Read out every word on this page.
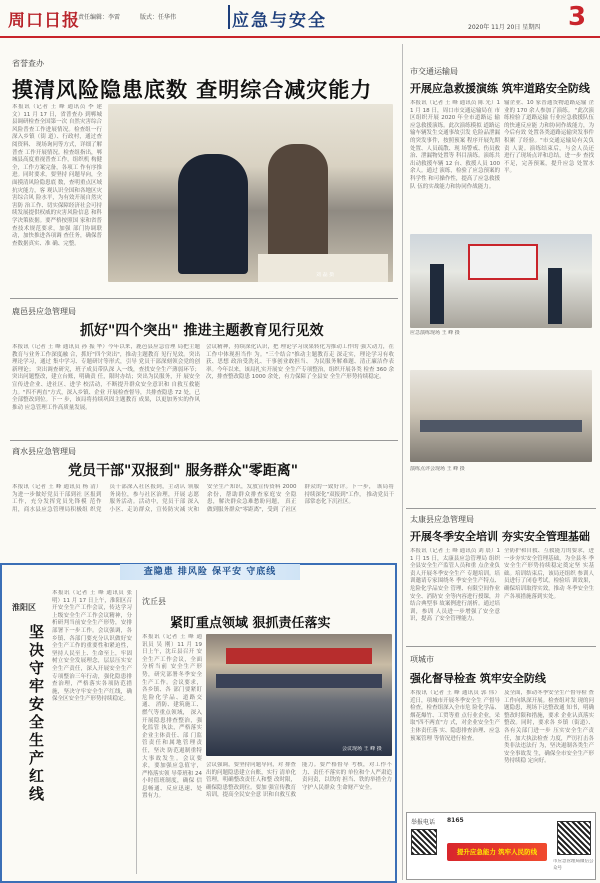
周口日报
责任编辑：李雷	版式：任华伟	应急与安全	2020年 11月 20日 星期四 3
省誉查办
摸清风险隐患底数 查明综合减灾能力
本报讯（记者 王 峰 通讯员 李 建 文）11 月 17 日，省普查办 到郸城县调研检查全国第一次 自然灾害综合风险普查工作进展情况。检查组一行深入乡镇（街 道）、行政村，通过查阅资料、 现场询问等方式，详细了解普查 工作开展情况。检查组指出，郸 城县高度重视普查工作，组织机 构健全，工作方案完备，各项工 作有序推进。同时要求，要坚持 问题导向，全面摸清风险隐患底 数，查明重点区域抗灾能力，客 观认识全国和各地区灾害综合风 险水平，为有效开展自然灾害防 治工作、切实保障经济社会可持 续发展提供权威的灾害风险信息 和科学决策依据。要严格按照国 家和省普查技术规范要求，加强 部门协调联动，加快推进各项调 查任务，确保普查数据真实、准 确、完整。
刘 磊 摄
鹿邑县应急管理局
抓好"四个突出" 推进主题教育见行见效
本报讯（记者 王 峰 通讯员 孙 振 华）今年以来，鹿邑县应急管理 局把主题教育与业务工作深度融 合，抓好"四个突出"，推动主题教育 见行见效。突出理论学习，通过 集中学习、专题研讨等形式，引导 党员干部深刻领会党的创新理论； 突出调查研究，班子成员带队深 入一线，查找安全生产薄弱环节； 突出问题整改，建立台账，明确责 任，限时办结；突出为民服务，开 展安全宣传进企业、进社区、进学 校活动，不断提升群众安全意识和 自救互救能力。"四不两直"方式，深入乡镇、企业 开展检查督导，共排查隐患 72 处，已全部整改到位。下一 步，该局将持续巩固主题教育 成果，以更加务实的作风推动 应急管理工作高质量发展。
会议精神，持续深化认识，把 理论学习成果转化为推动工作的 强大动力，在工作中体现担当作 为。"三个结合"推动主题教育走 深走实，理论学习有收获、思想 政治受洗礼、干事创业敢担当、 为民服务解难题、清正廉洁作表 率。今年以来，该局扎实开展安 全生产专项整治，组织开展各类 检查 360 余次，排查整改隐患 1000 余处，有力保障了全县安 全生产形势持续稳定。
商水县应急管理局
党员干部"双报到" 服务群众"零距离"
本报讯（记者 王 峰 通讯员 杨 清）为进一步做好党员干部到社 区报到工作，充分发挥党员先锋模 范作用，商水县应急管理局积极组 织党员干部深入社区报到，主动认 领服务岗位，参与社区治理，开展 志愿服务活动。活动中，党员干部 深入小区、走访群众，宣传防灾减 灾和安全生产知识，发放宣传资料 2000 余份，帮助群众排查家庭安 全隐患，解决群众急难愁盼问题， 真正做到服务群众"零距离"，受到 了社区群众的一致好评。下一步， 该局将持续深化"双报到"工作， 推动党员干部常态化下沉社区。
查隐患 排风险 保平安 守底线
淮阳区
坚决守牢安全生产红线
本报讯（记者 王 峰 通讯员 张 明）11 月 17 日上午，淮阳区召开安全生产工作会议，传达学习上级安全生产工作会议精神，分析研判当前安全生产形势，安排部署下一步工作。会议强调，各乡镇、各部门要充分认识做好安全生产工作的重要性和紧迫性，坚持人民至上、生命至上，牢固树立安全发展理念，层层压实安全生产责任，深入开展安全生产专项整治三年行动，强化隐患排查治理，严格落实各项防范措施，坚决守牢安全生产红线，确保全区安全生产形势持续稳定。
沈丘县
紧盯重点领域 狠抓责任落实
本报讯（记者 王 峰 通讯员 吴 刚）11 月 19 日上午，沈丘县召开 安全生产工作会议，全面分析当前 安全生产形势，研究部署冬季安全 生产工作。会议要求，各乡镇、各 部门要紧盯危险化学品、道路交通、 消防、建筑施工、燃气等重点领域， 深入开展隐患排查整治，强化监管 执法，严格落实企业主体责任、部 门监管责任和属地管理责任，坚决 防范遏制重特大事故发生。会议要 求，要加强应急值守，严格落实领 导带班和 24 小时值班制度，确保 信息畅通、反应迅速、处置有力。
会议现场 王 峰 摄
会议强调，要坚持问题导向，对 排查出的问题隐患建立台账，实行 清单化管理，明确整改责任人和整 改时限，确保隐患整改到位。要加 强宣传教育培训，提高全民安全意 识和自救互救能力。要严格督导 考核，对工作不力、责任不落实的 单位和个人严肃追责问责，以铁的 担当、铁的举措全力守护人民群众 生命财产安全。
市交通运输局
开展应急救援演练 筑牢道路安全防线
本报讯（记者 王 峰 通讯员 陈 光）11 月 18 日，周口市交通运输局在 市区组织开展 2020 年全市道路运 输应急救援演练。此次演练模拟 道路运输车辆发生交通事故引发 危险品泄漏的突发事件，按照预案 程序开展先期处置、人员疏散、现 场警戒、伤员救治、泄漏物处置等 科目演练。演练共出动救援车辆 12 台、救援人员 100 余人。通过 演练，检验了应急预案的科学性 和可操作性，提高了应急救援队 伍的实战能力和协同作战能力。
输企业、10 家普通货物道路运输 企业的 170 余人参加了演练。 "此次演练检验了道路运输 行业应急救援队伍的快速反应能 力和协同作战能力，为今后有效 处置各类道路运输突发事件积累 了经验。"市交通运输局有关负责 人说。演练结束后，与会人员还 进行了现场点评和总结，进一步 查找不足，完善预案，提升应急 处置水平。
应急演练现场 王 峰 摄
演练点评会现场 王 峰 摄
太康县应急管理局
开展冬季安全培训 夯实安全管理基础
本报讯（记者 王 峰 通讯员 刘 晨）11 月 15 日，太康县应急管理局 组织全县安全生产监管人员和重 点企业负责人开展冬季安全生产 专题培训。培训邀请专家围绕冬 季安全生产特点、危险化学品安全 管理、有限空间作业安全、消防安 全等内容进行授课，并结合典型事 故案例进行剖析。通过培训，参训 人员进一步增强了安全意识，提高 了安全管理能力。
全防护和自救、互救能力的要求，进 一步夯实安全管理基础，为全县冬 季安全生产形势持续稳定奠定坚 实基础。培训结束后，该局还组织 参训人员进行了闭卷考试，检验培 训效果，确保培训取得实效，推动 冬季安全生产各项措施落到实处。
项城市
强化督导检查 筑牢安全防线
本报讯（记者 王 峰 通讯员 郭 伟）近日，项城市开展冬季安全生 产督导检查，检查组深入全市危 险化学品、烟花爆竹、工贸等重 点行业企业，采取"四不两直"方 式，对企业安全生产主体责任落 实、隐患排查治理、应急预案管理 等情况进行检查。
及全面，推动冬季安全生产督导检 查工作向纵深开展。检查组对发 现的问题隐患，现场下达整改通 知书，明确整改时限和措施，要求 企业认真落实整改。同时，要求各 乡镇（街道）、各有关部门进一步 压实安全生产责任，加大执法检查 力度，严厉打击各类非法违法行 为，坚决遏制各类生产安全事故发 生，确保全市安全生产形势持续稳 定向好。
举报电话 8165
提升应急能力 筑牢人民防线
市应急管理局微信公众号
